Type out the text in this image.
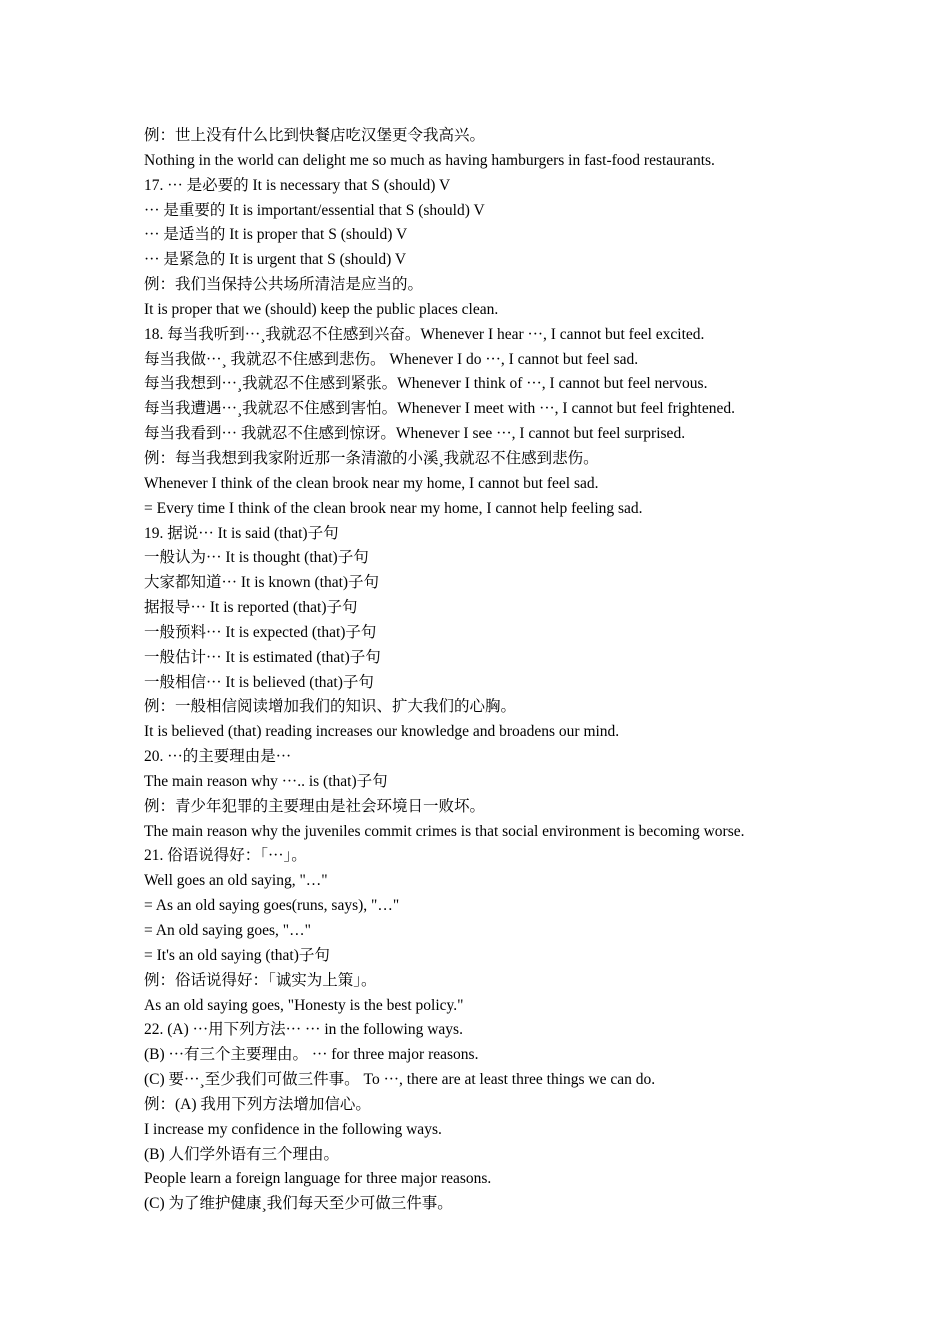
例：世上没有什么比到快餐店吃汉堡更令我高兴。
Nothing in the world can delight me so much as having hamburgers in fast-food restaurants.
17. ··· 是必要的 It is necessary that S (should) V
··· 是重要的 It is important/essential that S (should) V
··· 是适当的 It is proper that S (should) V
··· 是紧急的 It is urgent that S (should) V
例：我们当保持公共场所清洁是应当的。
It is proper that we (should) keep the public places clean.
18. 每当我听到···¸我就忍不住感到兴奋。Whenever I hear ···, I cannot but feel excited.
每当我做···¸ 我就忍不住感到悲伤。 Whenever I do ···, I cannot but feel sad.
每当我想到···¸我就忍不住感到紧张。Whenever I think of ···, I cannot but feel nervous.
每当我遭遇···¸我就忍不住感到害怕。Whenever I meet with ···, I cannot but feel frightened.
每当我看到··· 我就忍不住感到惊讶。Whenever I see ···, I cannot but feel surprised.
例：每当我想到我家附近那一条清澈的小溪¸我就忍不住感到悲伤。
Whenever I think of the clean brook near my home, I cannot but feel sad.
= Every time I think of the clean brook near my home, I cannot help feeling sad.
19. 据说··· It is said (that)子句
一般认为··· It is thought (that)子句
大家都知道··· It is known (that)子句
据报导··· It is reported (that)子句
一般预料··· It is expected (that)子句
一般估计··· It is estimated (that)子句
一般相信··· It is believed (that)子句
例：一般相信阅读增加我们的知识、扩大我们的心胸。
It is believed (that) reading increases our knowledge and broadens our mind.
20. ···的主要理由是···
The main reason why ···.. is (that)子句
例：青少年犯罪的主要理由是社会环境日一败坏。
The main reason why the juveniles commit crimes is that social environment is becoming worse.
21. 俗语说得好：「···」。
Well goes an old saying, "…"
= As an old saying goes(runs, says), "…"
= An old saying goes, "…"
= It's an old saying (that)子句
例：俗话说得好：「诚实为上策」。
As an old saying goes, "Honesty is the best policy."
22. (A) ···用下列方法··· ··· in the following ways.
(B) ···有三个主要理由。 ··· for three major reasons.
(C) 要···¸至少我们可做三件事。 To ···, there are at least three things we can do.
例：(A) 我用下列方法增加信心。
I increase my confidence in the following ways.
(B) 人们学外语有三个理由。
People learn a foreign language for three major reasons.
(C) 为了维护健康¸我们每天至少可做三件事。
